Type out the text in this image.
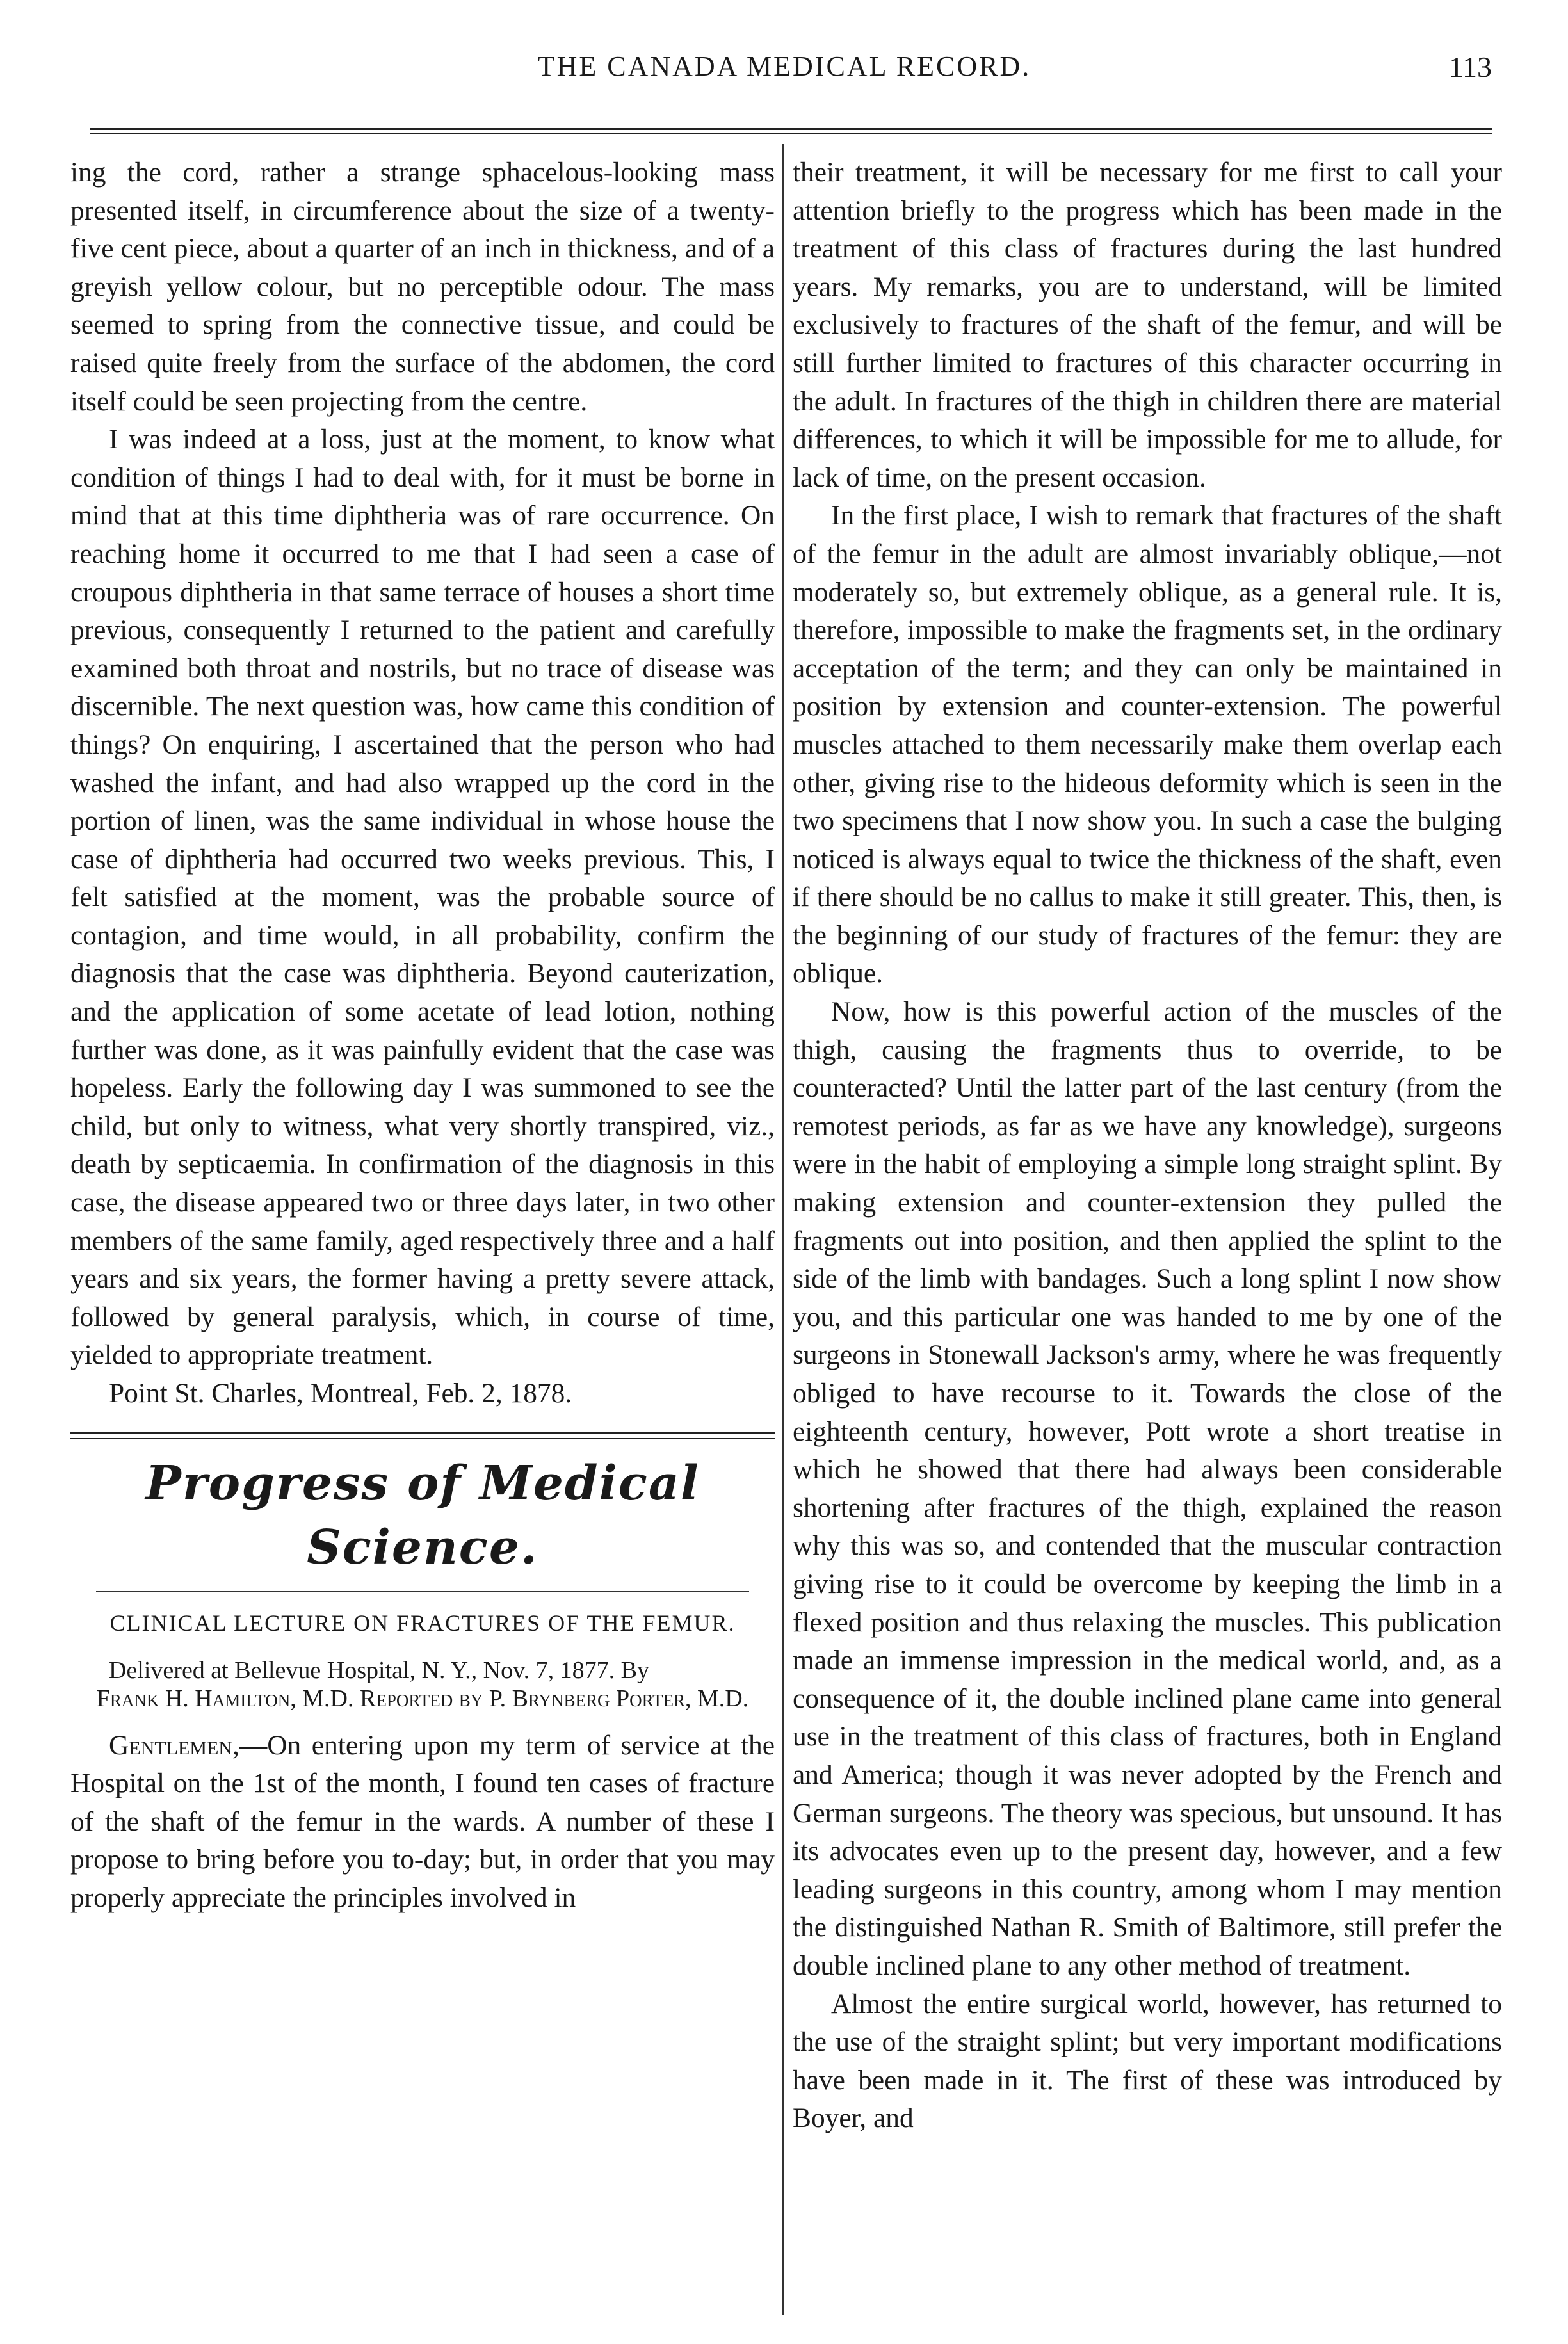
THE CANADA MEDICAL RECORD.	113

ing the cord, rather a strange sphacelous-looking mass presented itself, in circumference about the size of a twenty-five cent piece, about a quarter of an inch in thickness, and of a greyish yellow colour, but no perceptible odour. The mass seemed to spring from the connective tissue, and could be raised quite freely from the surface of the abdomen, the cord itself could be seen projecting from the centre.

I was indeed at a loss, just at the moment, to know what condition of things I had to deal with, for it must be borne in mind that at this time diphtheria was of rare occurrence. On reaching home it occurred to me that I had seen a case of croupous diphtheria in that same terrace of houses a short time previous, consequently I returned to the patient and carefully examined both throat and nostrils, but no trace of disease was discernible. The next question was, how came this condition of things? On enquiring, I ascertained that the person who had washed the infant, and had also wrapped up the cord in the portion of linen, was the same individual in whose house the case of diphtheria had occurred two weeks previous. This, I felt satisfied at the moment, was the probable source of contagion, and time would, in all probability, confirm the diagnosis that the case was diphtheria. Beyond cauterization, and the application of some acetate of lead lotion, nothing further was done, as it was painfully evident that the case was hopeless. Early the following day I was summoned to see the child, but only to witness, what very shortly transpired, viz., death by septicaemia. In confirmation of the diagnosis in this case, the disease appeared two or three days later, in two other members of the same family, aged respectively three and a half years and six years, the former having a pretty severe attack, followed by general paralysis, which, in course of time, yielded to appropriate treatment.

Point St. Charles, Montreal, Feb. 2, 1878.

Progress of Medical Science.
CLINICAL LECTURE ON FRACTURES OF THE FEMUR.
Delivered at Bellevue Hospital, N. Y., Nov. 7, 1877. By
Frank H. Hamilton, M.D. Reported by P. Brynberg Porter, M.D.

Gentlemen,—On entering upon my term of service at the Hospital on the 1st of the month, I found ten cases of fracture of the shaft of the femur in the wards. A number of these I propose to bring before you to-day; but, in order that you may properly appreciate the principles involved in

their treatment, it will be necessary for me first to call your attention briefly to the progress which has been made in the treatment of this class of fractures during the last hundred years. My remarks, you are to understand, will be limited exclusively to fractures of the shaft of the femur, and will be still further limited to fractures of this character occurring in the adult. In fractures of the thigh in children there are material differences, to which it will be impossible for me to allude, for lack of time, on the present occasion.

In the first place, I wish to remark that fractures of the shaft of the femur in the adult are almost invariably oblique,—not moderately so, but extremely oblique, as a general rule. It is, therefore, impossible to make the fragments set, in the ordinary acceptation of the term; and they can only be maintained in position by extension and counter-extension. The powerful muscles attached to them necessarily make them overlap each other, giving rise to the hideous deformity which is seen in the two specimens that I now show you. In such a case the bulging noticed is always equal to twice the thickness of the shaft, even if there should be no callus to make it still greater. This, then, is the beginning of our study of fractures of the femur: they are oblique.

Now, how is this powerful action of the muscles of the thigh, causing the fragments thus to override, to be counteracted? Until the latter part of the last century (from the remotest periods, as far as we have any knowledge), surgeons were in the habit of employing a simple long straight splint. By making extension and counter-extension they pulled the fragments out into position, and then applied the splint to the side of the limb with bandages. Such a long splint I now show you, and this particular one was handed to me by one of the surgeons in Stonewall Jackson's army, where he was frequently obliged to have recourse to it. Towards the close of the eighteenth century, however, Pott wrote a short treatise in which he showed that there had always been considerable shortening after fractures of the thigh, explained the reason why this was so, and contended that the muscular contraction giving rise to it could be overcome by keeping the limb in a flexed position and thus relaxing the muscles. This publication made an immense impression in the medical world, and, as a consequence of it, the double inclined plane came into general use in the treatment of this class of fractures, both in England and America; though it was never adopted by the French and German surgeons. The theory was specious, but unsound. It has its advocates even up to the present day, however, and a few leading surgeons in this country, among whom I may mention the distinguished Nathan R. Smith of Baltimore, still prefer the double inclined plane to any other method of treatment.

Almost the entire surgical world, however, has returned to the use of the straight splint; but very important modifications have been made in it. The first of these was introduced by Boyer, and
